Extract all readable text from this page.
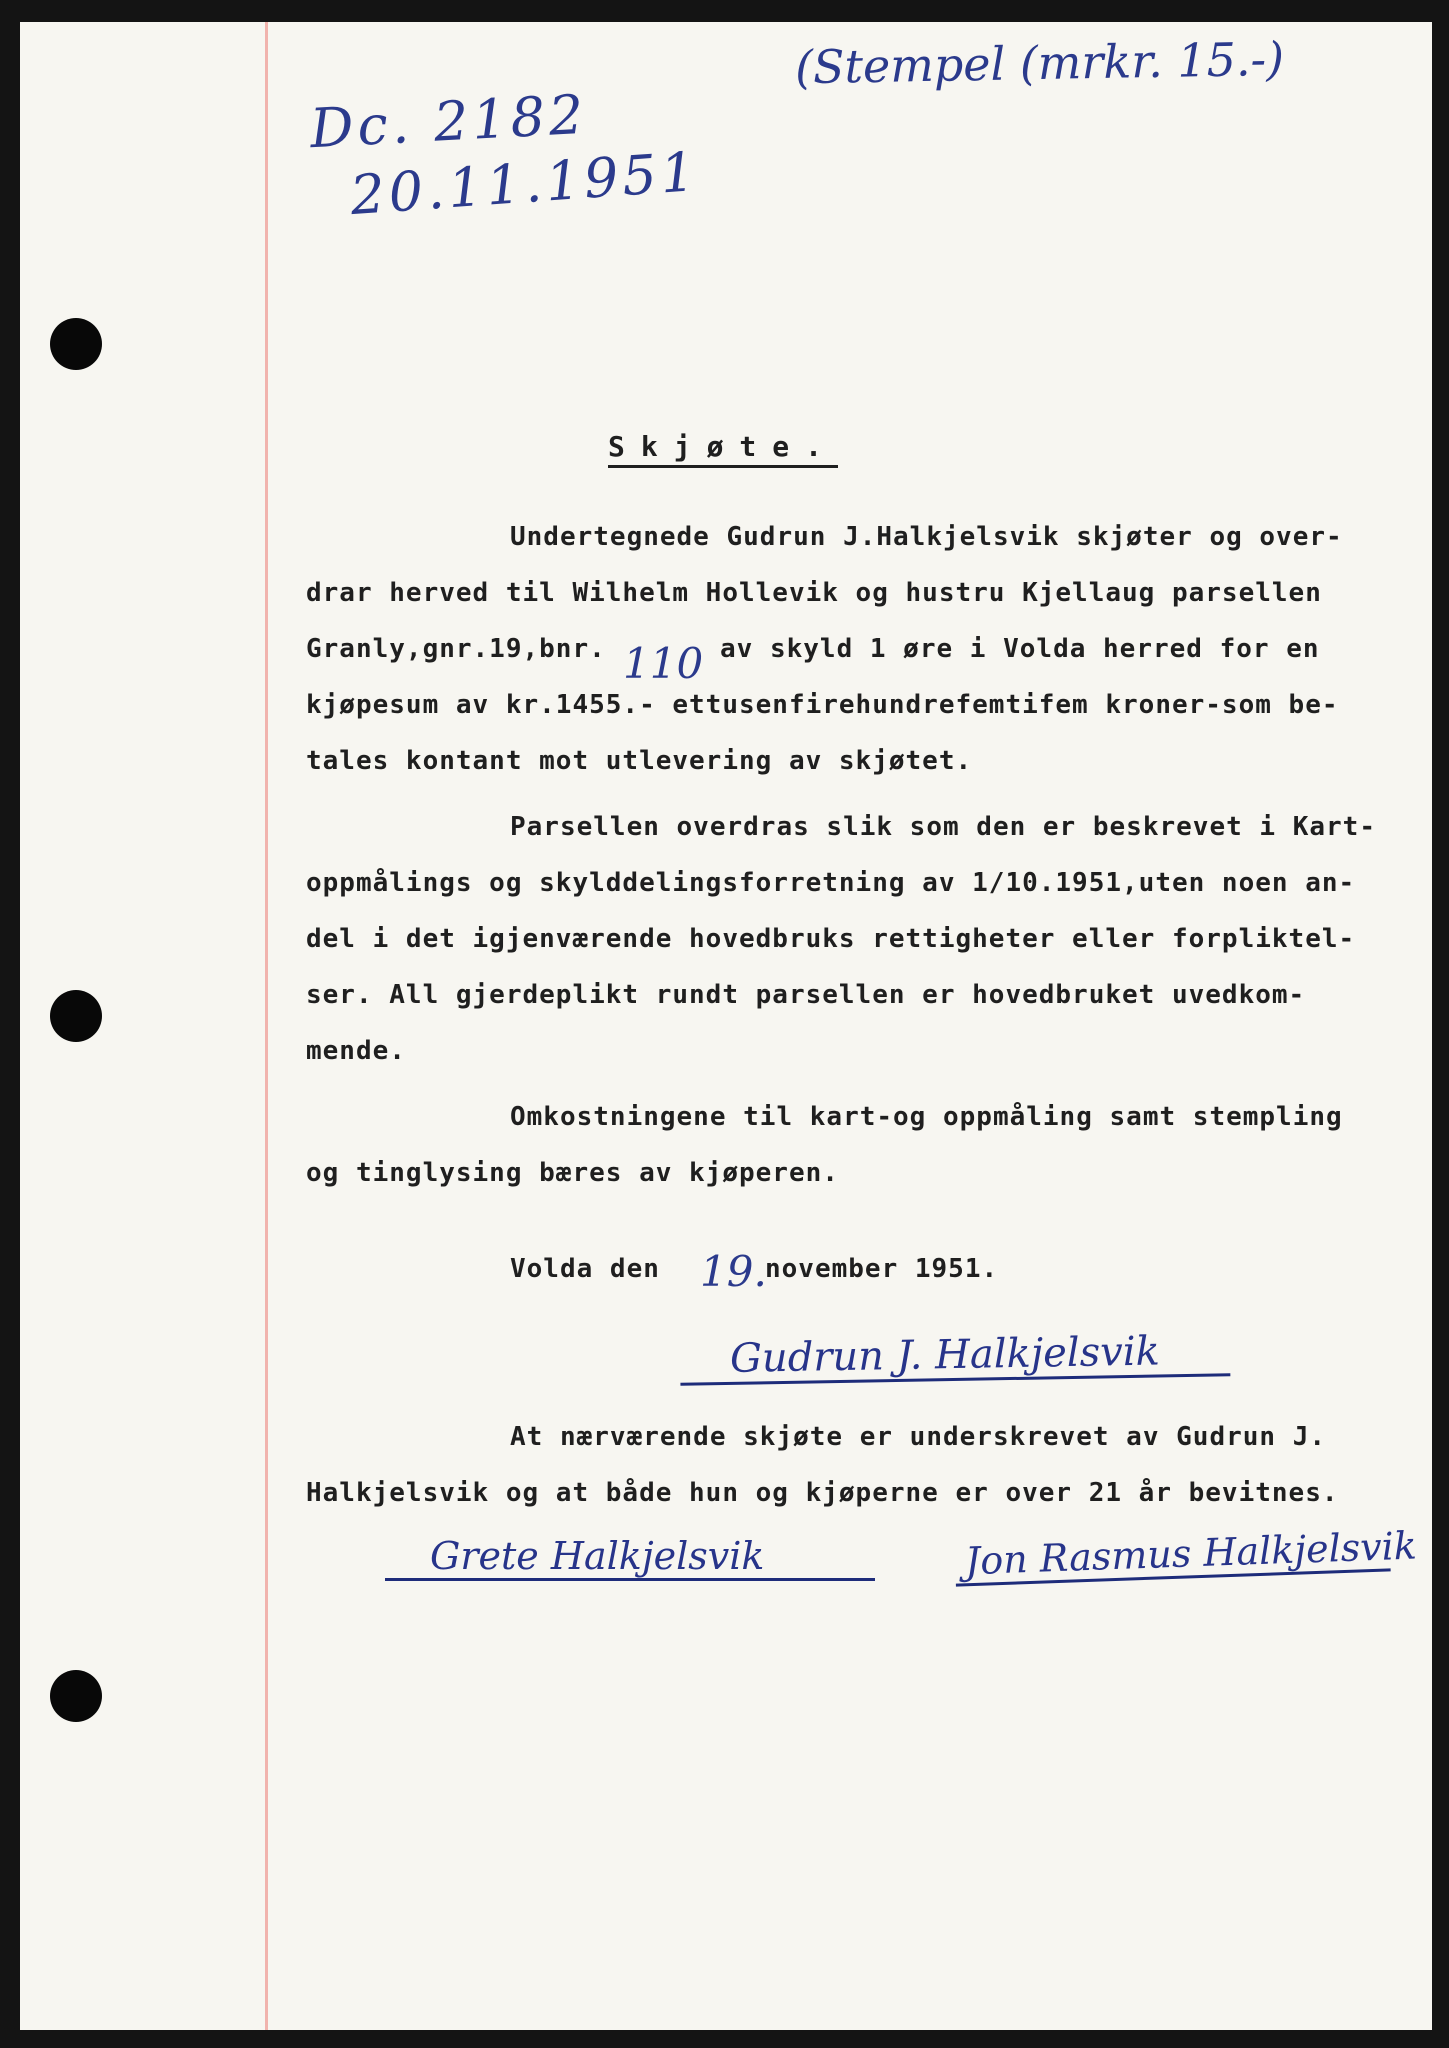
Dc. 2182
20.11.1951
(Stempel (mrkr. 15.-)

Skjøte.

Undertegnede Gudrun J.Halkjelsvik skjøter og over-

drar herved til Wilhelm Hollevik og hustru Kjellaug parsellen

Granly,gnr.19,bnr. 110 av skyld 1 øre i Volda herred for en

kjøpesum av kr.1455.- ettusenfirehundrefemtifem kroner-som be-

tales kontant mot utlevering av skjøtet.

Parsellen overdras slik som den er beskrevet i Kart-

oppmålings og skylddelingsforretning av 1/10.1951,uten noen an-

del i det igjenværende hovedbruks rettigheter eller forpliktel-

ser. All gjerdeplikt rundt parsellen er hovedbruket uvedkom-

mende.

Omkostningene til kart-og oppmåling samt stempling

og tinglysing bæres av kjøperen.

Volda den 19.

november 1951.

Gudrun J. Halkjelsvik

At nærværende skjøte er underskrevet av Gudrun J.

Halkjelsvik og at både hun og kjøperne er over 21 år bevitnes.

Grete Halkjelsvik	Jon Rasmus Halkjelsvik
